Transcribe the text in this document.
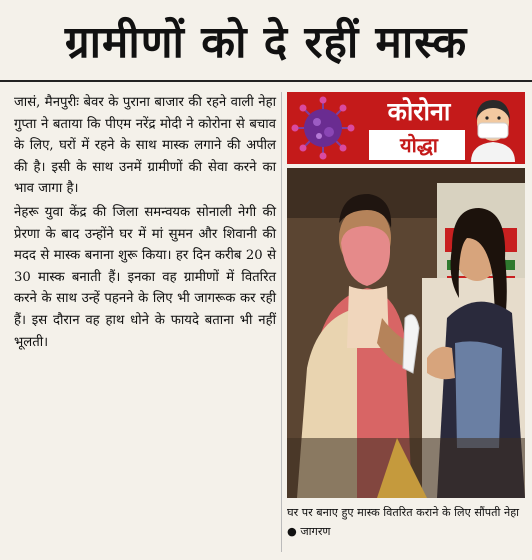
ग्रामीणों को दे रहीं मास्क

जासं, मैनपुरीः बेवर के पुराना बाजार की रहने वाली नेहा गुप्ता ने बताया कि पीएम नरेंद्र मोदी ने कोरोना से बचाव के लिए, घरों में रहने के साथ मास्क लगाने की अपील की है। इसी के साथ उनमें ग्रामीणों की सेवा करने का भाव जागा है।

नेहरू युवा केंद्र की जिला समन्वयक सोनाली नेगी की प्रेरणा के बाद उन्होंने घर में मां सुमन और शिवानी की मदद से मास्क बनाना शुरू किया। हर दिन करीब 20 से 30 मास्क बनाती हैं। इनका वह ग्रामीणों में वितरित करने के साथ उन्हें पहनने के लिए भी जागरूक कर रही हैं। इस दौरान वह हाथ धोने के फायदे बताना भी नहीं भूलती।

कोरोना
योद्धा
घर पर बनाए हुए मास्क वितरित कराने के लिए सौंपती नेहा ● जागरण
